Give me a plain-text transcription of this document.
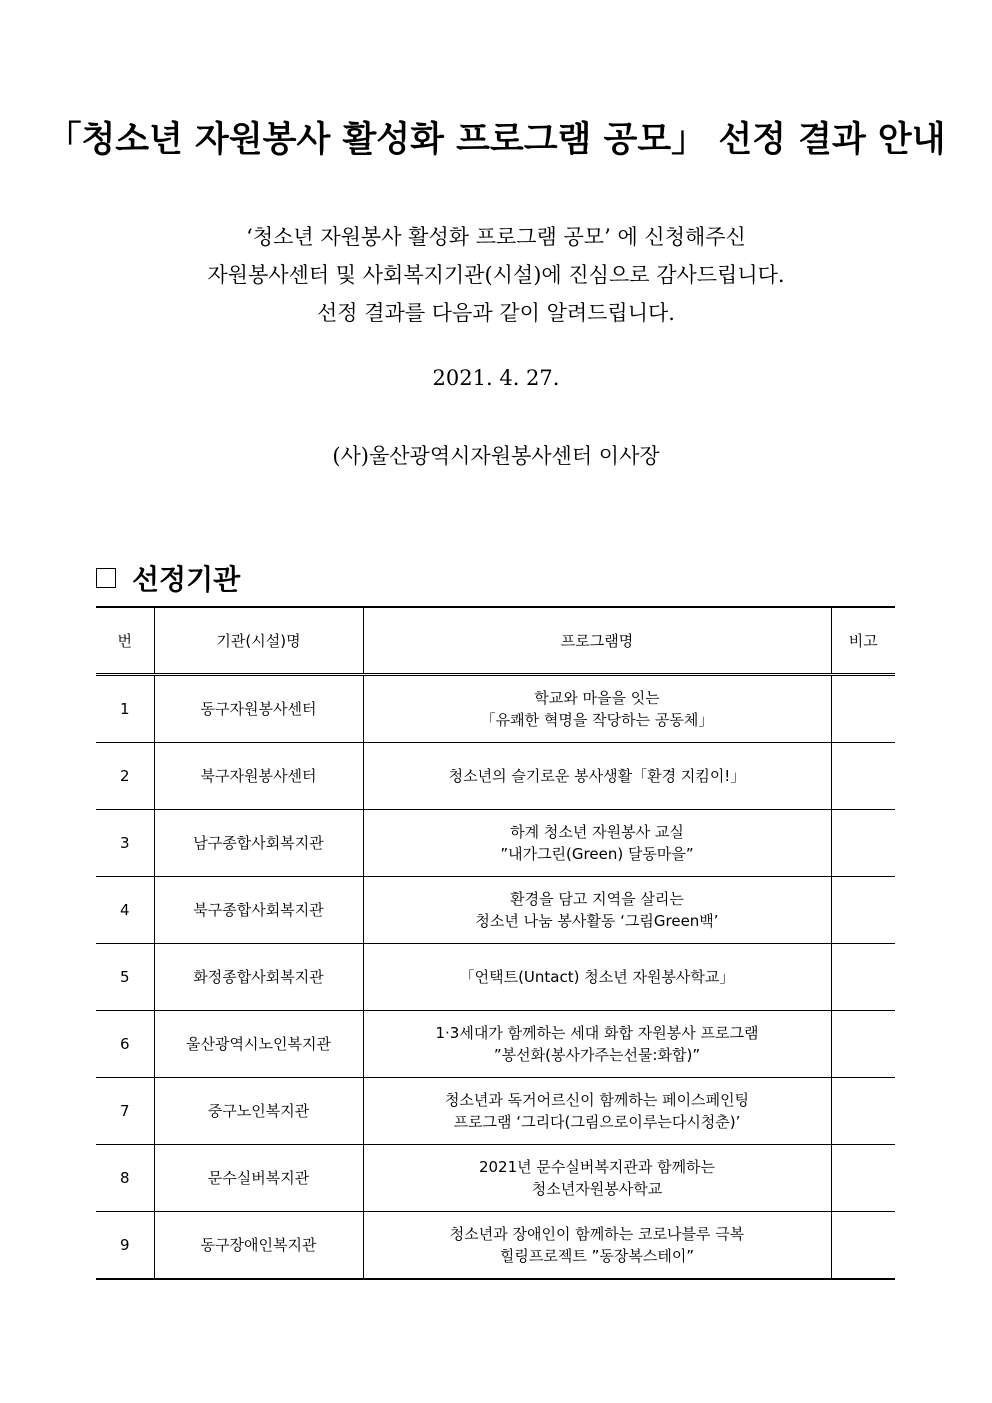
「청소년 자원봉사 활성화 프로그램 공모」 선정 결과 안내
‘청소년 자원봉사 활성화 프로그램 공모’ 에 신청해주신
자원봉사센터 및 사회복지기관(시설)에 진심으로 감사드립니다.
선정 결과를 다음과 같이 알려드립니다.
2021. 4. 27.
(사)울산광역시자원봉사센터 이사장
선정기관
번	기관(시설)명	프로그램명	비고
1	동구자원봉사센터	학교와 마을을 잇는
「유쾌한 혁명을 작당하는 공동체」	

2	북구자원봉사센터	청소년의 슬기로운 봉사생활「환경 지킴이!」	

3	남구종합사회복지관	하계 청소년 자원봉사 교실
”내가그린(Green) 달동마을”	

4	북구종합사회복지관	환경을 담고 지역을 살리는
청소년 나눔 봉사활동 ‘그림Green백’	

5	화정종합사회복지관	「언택트(Untact) 청소년 자원봉사학교」	

6	울산광역시노인복지관	1·3세대가 함께하는 세대 화합 자원봉사 프로그램
”봉선화(봉사가주는선물:화합)”	

7	중구노인복지관	청소년과 독거어르신이 함께하는 페이스페인팅
프로그램 ‘그리다(그림으로이루는다시청춘)’	

8	문수실버복지관	2021년 문수실버복지관과 함께하는
청소년자원봉사학교	

9	동구장애인복지관	청소년과 장애인이 함께하는 코로나블루 극복
힐링프로젝트 ”동장복스테이”	
